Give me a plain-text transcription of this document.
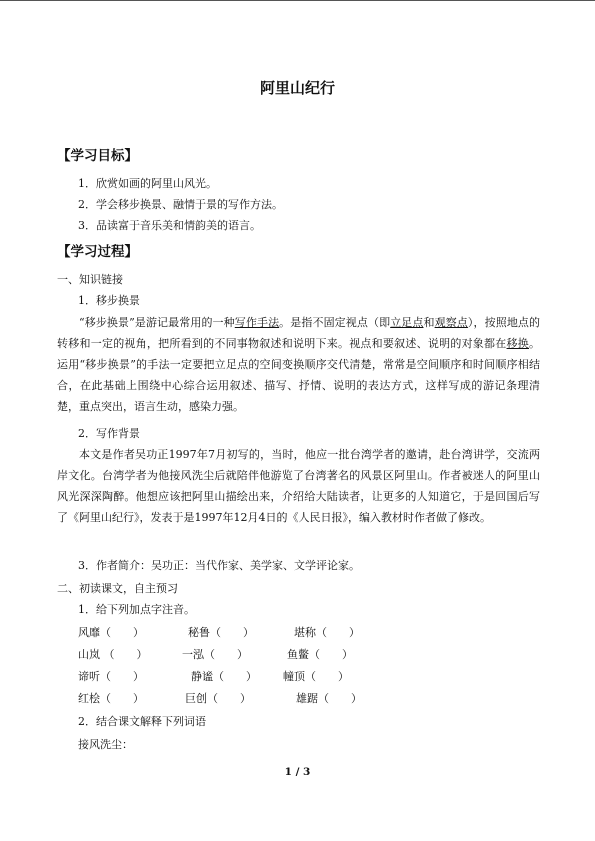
阿里山纪行
【学习目标】
1．欣赏如画的阿里山风光。
2．学会移步换景、融情于景的写作方法。
3．品读富于音乐美和情韵美的语言。
【学习过程】
一、知识链接
1．移步换景
“移步换景”是游记最常用的一种写作手法。是指不固定视点（即立足点和观察点），按照地点的转移和一定的视角，把所看到的不同事物叙述和说明下来。视点和要叙述、说明的对象都在移换。运用“移步换景”的手法一定要把立足点的空间变换顺序交代清楚，常常是空间顺序和时间顺序相结合，在此基础上围绕中心综合运用叙述、描写、抒情、说明的表达方式，这样写成的游记条理清楚，重点突出，语言生动，感染力强。
2．写作背景
本文是作者吴功正1997年7月初写的，当时，他应一批台湾学者的邀请，赴台湾讲学，交流两岸文化。台湾学者为他接风洗尘后就陪伴他游览了台湾著名的风景区阿里山。作者被迷人的阿里山风光深深陶醉。他想应该把阿里山描绘出来，介绍给大陆读者，让更多的人知道它，于是回国后写了《阿里山纪行》，发表于是1997年12月4日的《人民日报》，编入教材时作者做了修改。
3．作者简介：吴功正：当代作家、美学家、文学评论家。
二、初读课文，自主预习
1．给下列加点字注音。
风靡（　　）	秘鲁（　　）	堪称（　　）
山岚 （　　）	一泓（　　）	鱼鳖（　　）
谛听（　　）	静谧（　　） 幢顶（　　）
红桧（　　）	巨创（　　）	雄踞（　　）
2．结合课文解释下列词语
接风洗尘：
1 / 3
